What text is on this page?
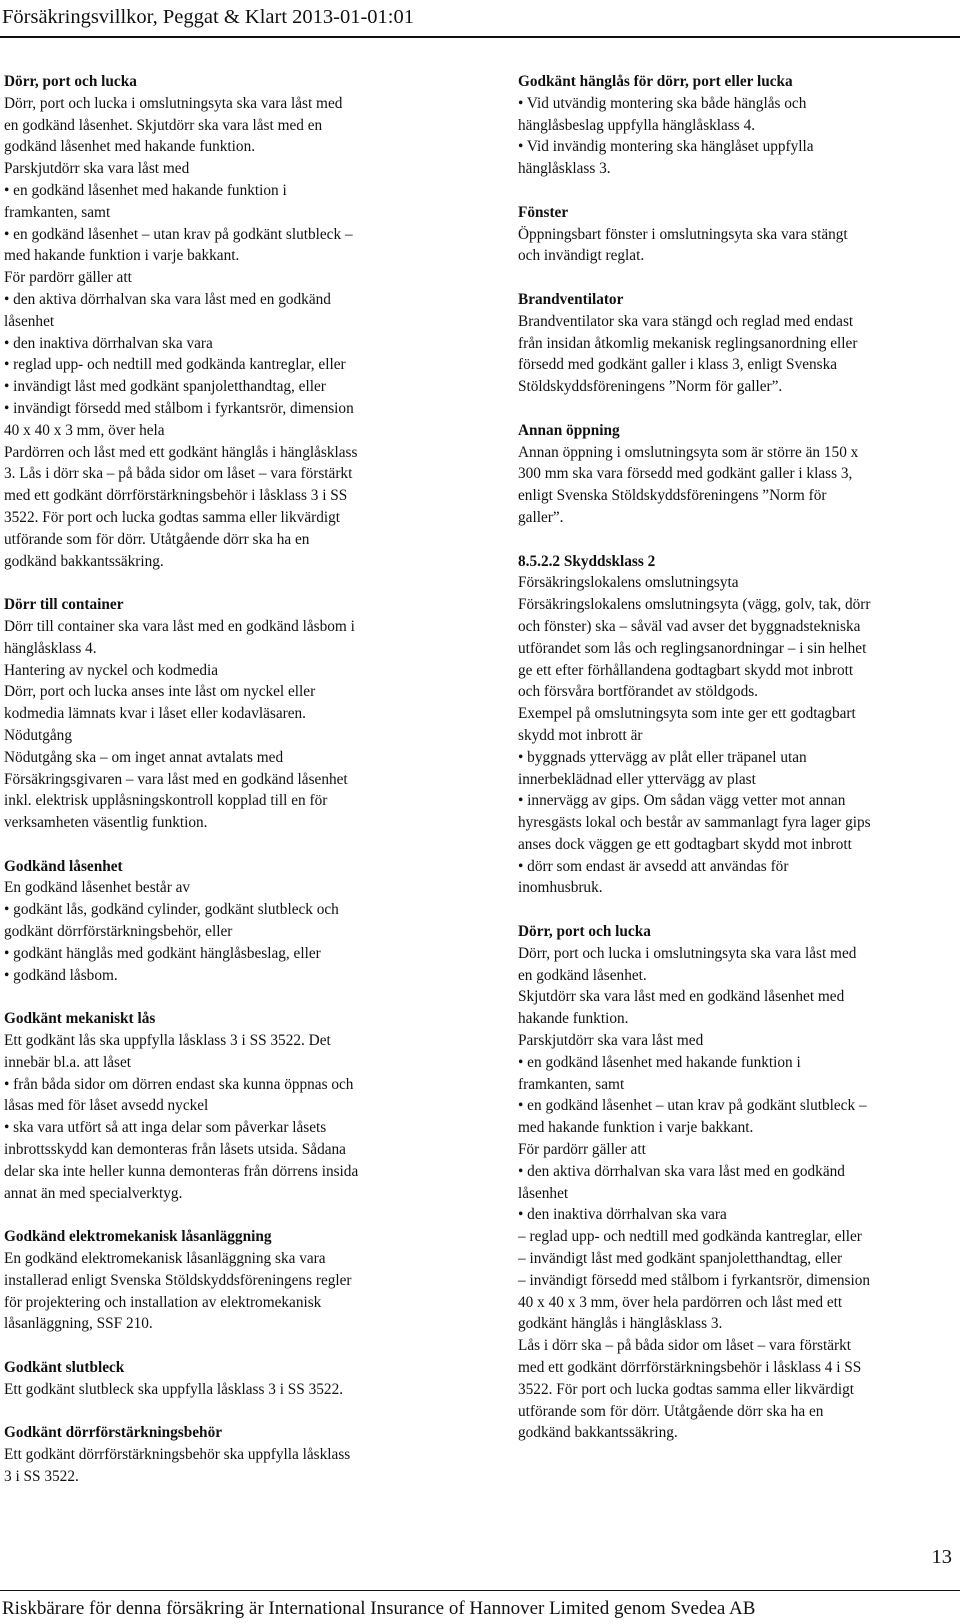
Försäkringsvillkor, Peggat & Klart 2013-01-01:01
Dörr, port och lucka
Dörr, port och lucka i omslutningsyta ska vara låst med
en godkänd låsenhet. Skjutdörr ska vara låst med en
godkänd låsenhet med hakande funktion.
Parskjutdörr ska vara låst med
• en godkänd låsenhet med hakande funktion i
framkanten, samt
• en godkänd låsenhet – utan krav på godkänt slutbleck –
med hakande funktion i varje bakkant.
För pardörr gäller att
• den aktiva dörrhalvan ska vara låst med en godkänd
låsenhet
• den inaktiva dörrhalvan ska vara
• reglad upp- och nedtill med godkända kantreglar, eller
• invändigt låst med godkänt spanjoletthandtag, eller
• invändigt försedd med stålbom i fyrkantsrör, dimension
40 x 40 x 3 mm, över hela
Pardörren och låst med ett godkänt hänglås i hänglåsklass
3. Lås i dörr ska – på båda sidor om låset – vara förstärkt
med ett godkänt dörrförstärkningsbehör i låsklass 3 i SS
3522. För port och lucka godtas samma eller likvärdigt
utförande som för dörr. Utåtgående dörr ska ha en
godkänd bakkantssäkring.
Dörr till container
Dörr till container ska vara låst med en godkänd låsbom i
hänglåsklass 4.
Hantering av nyckel och kodmedia
Dörr, port och lucka anses inte låst om nyckel eller
kodmedia lämnats kvar i låset eller kodavläsaren.
Nödutgång
Nödutgång ska – om inget annat avtalats med
Försäkringsgivaren – vara låst med en godkänd låsenhet
inkl. elektrisk upplåsningskontroll kopplad till en för
verksamheten väsentlig funktion.
Godkänd låsenhet
En godkänd låsenhet består av
• godkänt lås, godkänd cylinder, godkänt slutbleck och
godkänt dörrförstärkningsbehör, eller
• godkänt hänglås med godkänt hänglåsbeslag, eller
• godkänd låsbom.
Godkänt mekaniskt lås
Ett godkänt lås ska uppfylla låsklass 3 i SS 3522. Det
innebär bl.a. att låset
• från båda sidor om dörren endast ska kunna öppnas och
låsas med för låset avsedd nyckel
• ska vara utfört så att inga delar som påverkar låsets
inbrottsskydd kan demonteras från låsets utsida. Sådana
delar ska inte heller kunna demonteras från dörrens insida
annat än med specialverktyg.
Godkänd elektromekanisk låsanläggning
En godkänd elektromekanisk låsanläggning ska vara
installerad enligt Svenska Stöldskyddsföreningens regler
för projektering och installation av elektromekanisk
låsanläggning, SSF 210.
Godkänt slutbleck
Ett godkänt slutbleck ska uppfylla låsklass 3 i SS 3522.
Godkänt dörrförstärkningsbehör
Ett godkänt dörrförstärkningsbehör ska uppfylla låsklass
3 i SS 3522.
Godkänt hänglås för dörr, port eller lucka
• Vid utvändig montering ska både hänglås och
hänglåsbeslag uppfylla hänglåsklass 4.
• Vid invändig montering ska hänglåset uppfylla
hänglåsklass 3.
Fönster
Öppningsbart fönster i omslutningsyta ska vara stängt
och invändigt reglat.
Brandventilator
Brandventilator ska vara stängd och reglad med endast
från insidan åtkomlig mekanisk reglingsanordning eller
försedd med godkänt galler i klass 3, enligt Svenska
Stöldskyddsföreningens ”Norm för galler”.
Annan öppning
Annan öppning i omslutningsyta som är större än 150 x
300 mm ska vara försedd med godkänt galler i klass 3,
enligt Svenska Stöldskyddsföreningens ”Norm för
galler”.
8.5.2.2 Skyddsklass 2
Försäkringslokalens omslutningsyta
Försäkringslokalens omslutningsyta (vägg, golv, tak, dörr
och fönster) ska – såväl vad avser det byggnadstekniska
utförandet som lås och reglingsanordningar – i sin helhet
ge ett efter förhållandena godtagbart skydd mot inbrott
och försvåra bortförandet av stöldgods.
Exempel på omslutningsyta som inte ger ett godtagbart
skydd mot inbrott är
• byggnads yttervägg av plåt eller träpanel utan
innerbeklädnad eller yttervägg av plast
• innervägg av gips. Om sådan vägg vetter mot annan
hyresgästs lokal och består av sammanlagt fyra lager gips
anses dock väggen ge ett godtagbart skydd mot inbrott
• dörr som endast är avsedd att användas för
inomhusbruk.
Dörr, port och lucka
Dörr, port och lucka i omslutningsyta ska vara låst med
en godkänd låsenhet.
Skjutdörr ska vara låst med en godkänd låsenhet med
hakande funktion.
Parskjutdörr ska vara låst med
• en godkänd låsenhet med hakande funktion i
framkanten, samt
• en godkänd låsenhet – utan krav på godkänt slutbleck –
med hakande funktion i varje bakkant.
För pardörr gäller att
• den aktiva dörrhalvan ska vara låst med en godkänd
låsenhet
• den inaktiva dörrhalvan ska vara
– reglad upp- och nedtill med godkända kantreglar, eller
– invändigt låst med godkänt spanjoletthandtag, eller
– invändigt försedd med stålbom i fyrkantsrör, dimension
40 x 40 x 3 mm, över hela pardörren och låst med ett
godkänt hänglås i hänglåsklass 3.
Lås i dörr ska – på båda sidor om låset – vara förstärkt
med ett godkänt dörrförstärkningsbehör i låsklass 4 i SS
3522. För port och lucka godtas samma eller likvärdigt
utförande som för dörr. Utåtgående dörr ska ha en
godkänd bakkantssäkring.
13
Riskbärare för denna försäkring är International Insurance of Hannover Limited genom Svedea AB
